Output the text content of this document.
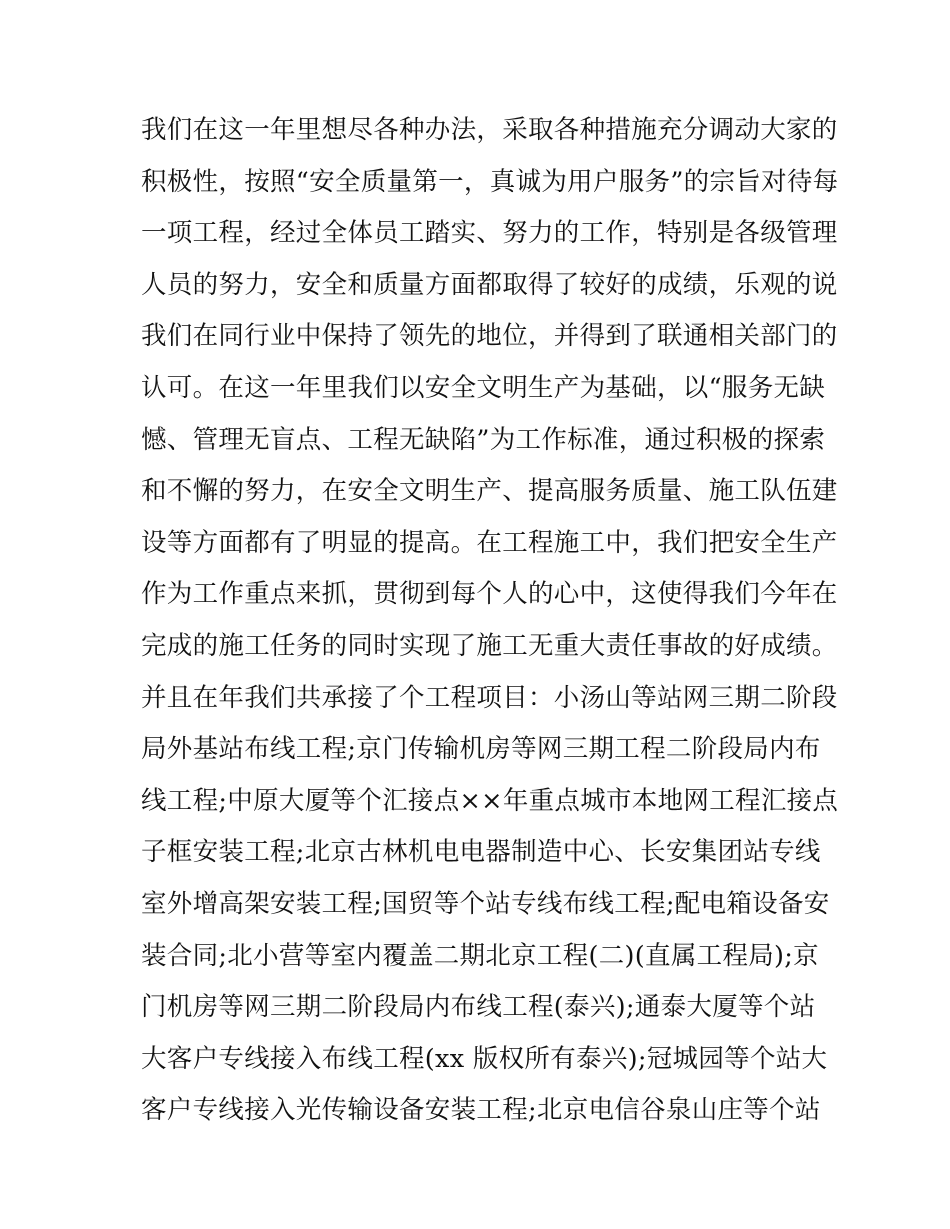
我们在这一年里想尽各种办法，采取各种措施充分调动大家的
积极性，按照“安全质量第一，真诚为用户服务”的宗旨对待每
一项工程，经过全体员工踏实、努力的工作，特别是各级管理
人员的努力，安全和质量方面都取得了较好的成绩，乐观的说
我们在同行业中保持了领先的地位，并得到了联通相关部门的
认可。在这一年里我们以安全文明生产为基础，以“服务无缺
憾、管理无盲点、工程无缺陷”为工作标准，通过积极的探索
和不懈的努力，在安全文明生产、提高服务质量、施工队伍建
设等方面都有了明显的提高。在工程施工中，我们把安全生产
作为工作重点来抓，贯彻到每个人的心中，这使得我们今年在
完成的施工任务的同时实现了施工无重大责任事故的好成绩。
并且在年我们共承接了个工程项目：小汤山等站网三期二阶段
局外基站布线工程;京门传输机房等网三期工程二阶段局内布
线工程;中原大厦等个汇接点××年重点城市本地网工程汇接点
子框安装工程;北京古林机电电器制造中心、长安集团站专线
室外增高架安装工程;国贸等个站专线布线工程;配电箱设备安
装合同;北小营等室内覆盖二期北京工程(二)(直属工程局);京
门机房等网三期二阶段局内布线工程(泰兴);通泰大厦等个站
大客户专线接入布线工程(xx 版权所有泰兴);冠城园等个站大
客户专线接入光传输设备安装工程;北京电信谷泉山庄等个站
